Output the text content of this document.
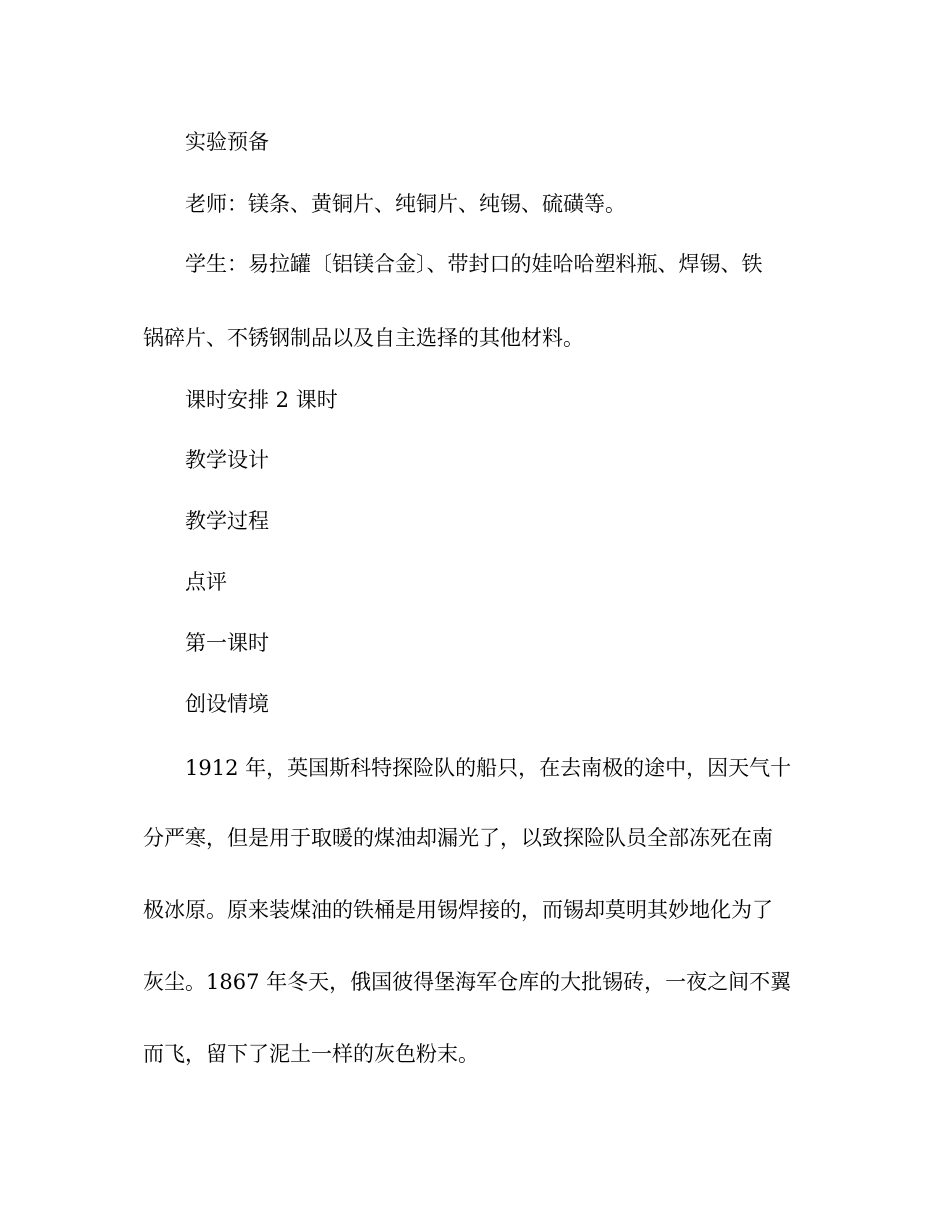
实验预备
老师：镁条、黄铜片、纯铜片、纯锡、硫磺等。
学生：易拉罐〔铝镁合金〕、带封口的娃哈哈塑料瓶、焊锡、铁
锅碎片、不锈钢制品以及自主选择的其他材料。
课时安排 2 课时
教学设计
教学过程
点评
第一课时
创设情境
1912 年，英国斯科特探险队的船只，在去南极的途中，因天气十
分严寒，但是用于取暖的煤油却漏光了，以致探险队员全部冻死在南
极冰原。原来装煤油的铁桶是用锡焊接的，而锡却莫明其妙地化为了
灰尘。1867 年冬天，俄国彼得堡海军仓库的大批锡砖，一夜之间不翼
而飞，留下了泥土一样的灰色粉末。
